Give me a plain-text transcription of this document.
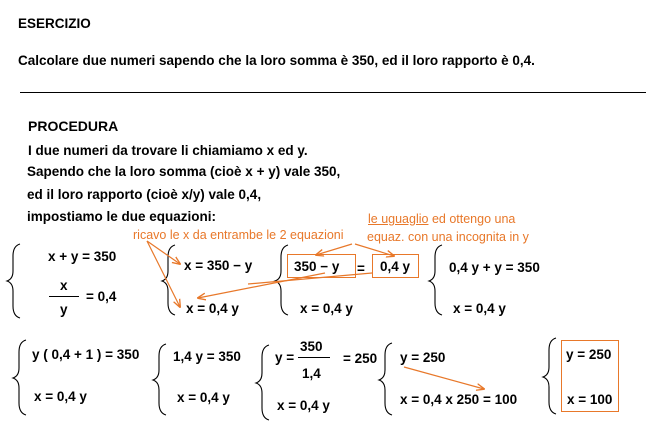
ESERCIZIO
Calcolare due numeri sapendo che la loro somma è 350, ed il loro rapporto è 0,4.
PROCEDURA
I due numeri da trovare li chiamiamo x ed y.
Sapendo che la loro somma (cioè x + y) vale 350,
ed il loro rapporto (cioè x/y) vale 0,4,
impostiamo le due equazioni:
ricavo le x da entrambe le 2 equazioni
le uguaglio ed ottengo una
equaz. con una incognita in y
x + y = 350
x
y
= 0,4
x = 350 − y
x = 0,4 y
350 − y = 0,4 y
x = 0,4 y
0,4 y + y = 350
x = 0,4 y
y ( 0,4 + 1 ) = 350
x = 0,4 y
1,4 y = 350
x = 0,4 y
y =
350
1,4
= 250
x = 0,4 y
y = 250
x = 0,4 x 250 = 100
y = 250
x = 100
